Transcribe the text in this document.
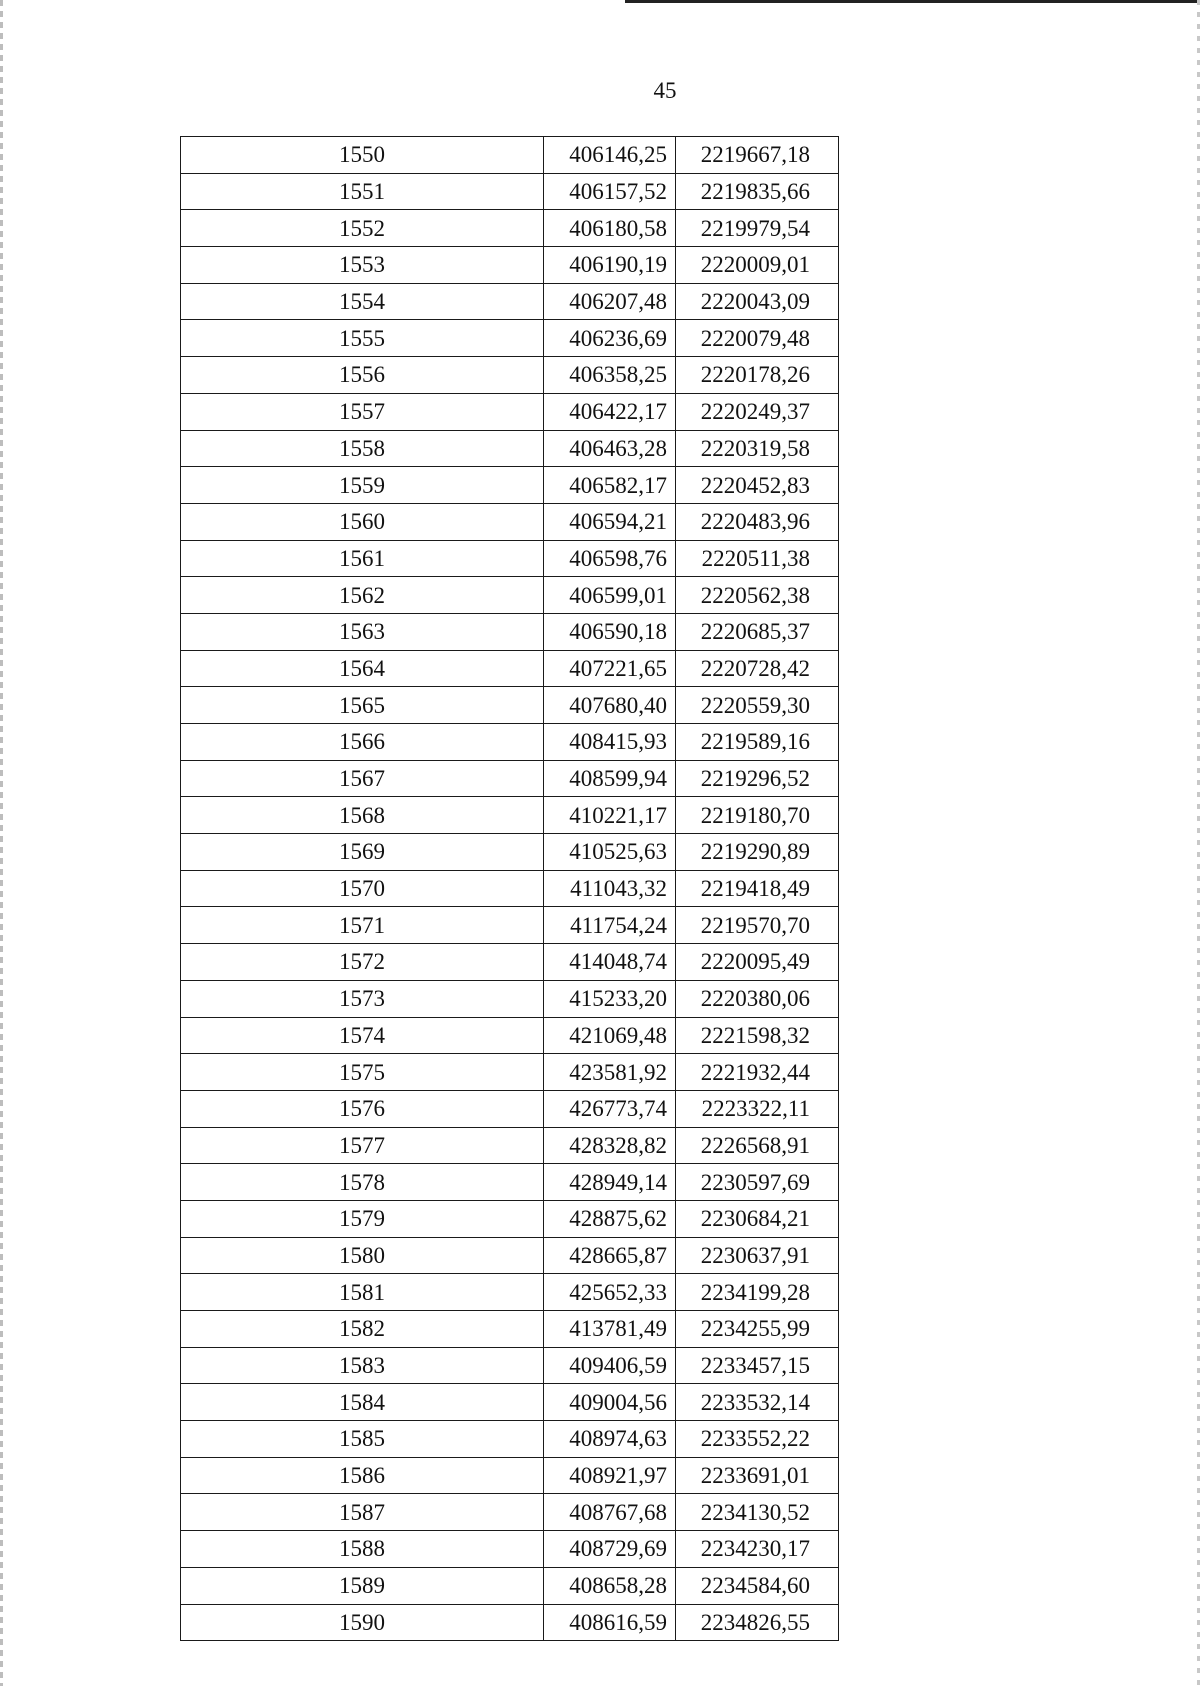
45
1550	406146,25	2219667,18
1551	406157,52	2219835,66
1552	406180,58	2219979,54
1553	406190,19	2220009,01
1554	406207,48	2220043,09
1555	406236,69	2220079,48
1556	406358,25	2220178,26
1557	406422,17	2220249,37
1558	406463,28	2220319,58
1559	406582,17	2220452,83
1560	406594,21	2220483,96
1561	406598,76	2220511,38
1562	406599,01	2220562,38
1563	406590,18	2220685,37
1564	407221,65	2220728,42
1565	407680,40	2220559,30
1566	408415,93	2219589,16
1567	408599,94	2219296,52
1568	410221,17	2219180,70
1569	410525,63	2219290,89
1570	411043,32	2219418,49
1571	411754,24	2219570,70
1572	414048,74	2220095,49
1573	415233,20	2220380,06
1574	421069,48	2221598,32
1575	423581,92	2221932,44
1576	426773,74	2223322,11
1577	428328,82	2226568,91
1578	428949,14	2230597,69
1579	428875,62	2230684,21
1580	428665,87	2230637,91
1581	425652,33	2234199,28
1582	413781,49	2234255,99
1583	409406,59	2233457,15
1584	409004,56	2233532,14
1585	408974,63	2233552,22
1586	408921,97	2233691,01
1587	408767,68	2234130,52
1588	408729,69	2234230,17
1589	408658,28	2234584,60
1590	408616,59	2234826,55
